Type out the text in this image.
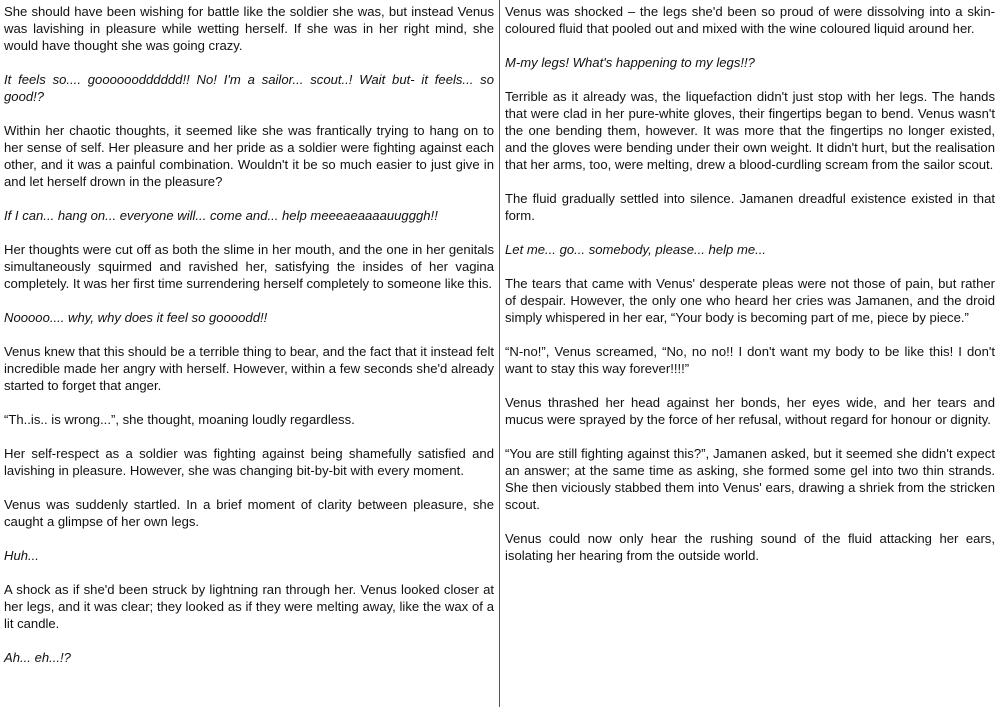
She should have been wishing for battle like the soldier she was, but instead Venus was lavishing in pleasure while wetting herself. If she was in her right mind, she would have thought she was going crazy.

It feels so.... goooooodddddd!! No! I'm a sailor... scout..! Wait but- it feels... so good!?

Within her chaotic thoughts, it seemed like she was frantically trying to hang on to her sense of self. Her pleasure and her pride as a soldier were fighting against each other, and it was a painful combination. Wouldn't it be so much easier to just give in and let herself drown in the pleasure?

If I can... hang on... everyone will... come and... help meeeaeaaaauugggh!!

Her thoughts were cut off as both the slime in her mouth, and the one in her genitals simultaneously squirmed and ravished her, satisfying the insides of her vagina completely. It was her first time surrendering herself completely to someone like this.

Nooooo.... why, why does it feel so goooodd!!

Venus knew that this should be a terrible thing to bear, and the fact that it instead felt incredible made her angry with herself. However, within a few seconds she'd already started to forget that anger.

“Th..is.. is wrong...”, she thought, moaning loudly regardless.

Her self-respect as a soldier was fighting against being shamefully satisfied and lavishing in pleasure. However, she was changing bit-by-bit with every moment.

Venus was suddenly startled. In a brief moment of clarity between pleasure, she caught a glimpse of her own legs.

Huh...

A shock as if she'd been struck by lightning ran through her. Venus looked closer at her legs, and it was clear; they looked as if they were melting away, like the wax of a lit candle.

Ah... eh...!?

Venus was shocked – the legs she'd been so proud of were dissolving into a skin-coloured fluid that pooled out and mixed with the wine coloured liquid around her.

M-my legs! What's happening to my legs!!?

Terrible as it already was, the liquefaction didn't just stop with her legs. The hands that were clad in her pure-white gloves, their fingertips began to bend. Venus wasn't the one bending them, however. It was more that the fingertips no longer existed, and the gloves were bending under their own weight. It didn't hurt, but the realisation that her arms, too, were melting, drew a blood-curdling scream from the sailor scout.

The fluid gradually settled into silence. Jamanen dreadful existence existed in that form.

Let me... go... somebody, please... help me...

The tears that came with Venus' desperate pleas were not those of pain, but rather of despair. However, the only one who heard her cries was Jamanen, and the droid simply whispered in her ear, “Your body is becoming part of me, piece by piece.”

“N-no!”, Venus screamed, “No, no no!! I don't want my body to be like this! I don't want to stay this way forever!!!!”

Venus thrashed her head against her bonds, her eyes wide, and her tears and mucus were sprayed by the force of her refusal, without regard for honour or dignity.

“You are still fighting against this?”, Jamanen asked, but it seemed she didn't expect an answer; at the same time as asking, she formed some gel into two thin strands. She then viciously stabbed them into Venus' ears, drawing a shriek from the stricken scout.

Venus could now only hear the rushing sound of the fluid attacking her ears, isolating her hearing from the outside world.
